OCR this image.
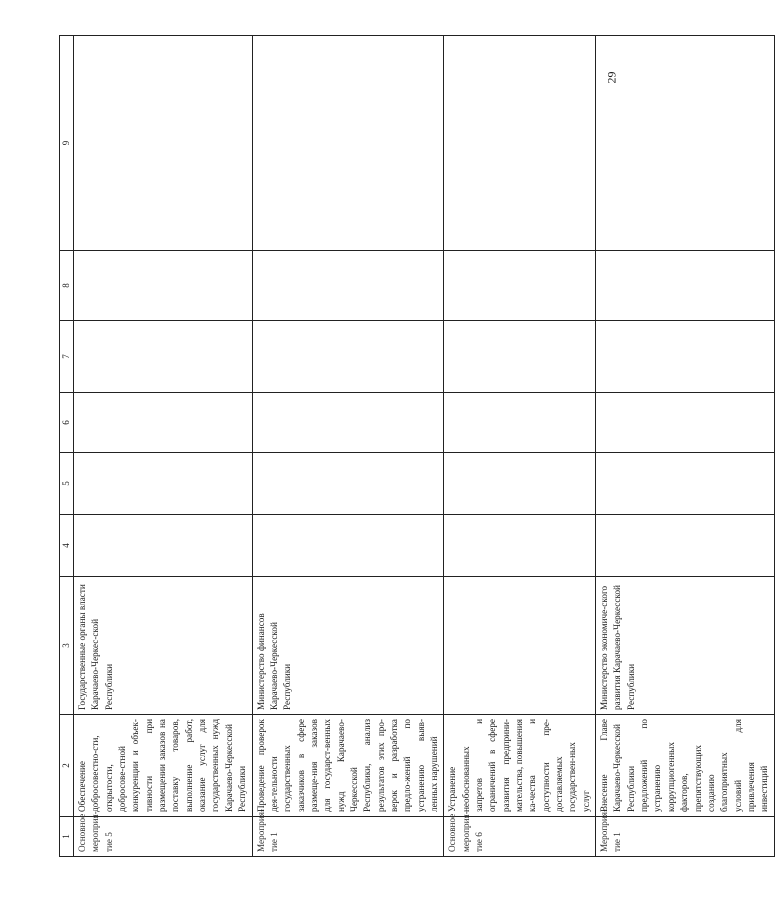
29
1	2	3	4	5	6	7	8	9
Основное мероприя-тие 5	Обеспечение добросовестно-сти, открытости, добросове-стной конкуренции и объек-тивности при размещении заказов на поставку товаров, выполнение работ, оказание услуг для государственных нужд Карачаево-Черкесской Республики	Государственные органы власти Карачаево-Черкес-ской Республики						
Мероприя-тие 1	Проведение проверок дея-тельности государственных заказчиков в сфере размеще-ния заказов для государст-венных нужд Карачаево-Черкесской Республики, анализ результатов этих про-верок и разработка предло-жений по устранению выяв-ленных нарушений	Министерство финансов Карачаево-Черкесской Республики						
Основное мероприя-тие 6	Устранение необоснованных запретов и ограничений в сфере развития предприни-мательства, повышения ка-чества и доступности пре-доставляемых государствен-ных услуг							
Мероприя-тие 1	Внесение Главе Карачаево-Черкесской Республики предложений по устранению коррупциогенных факторов, препятствующих созданию благоприятных условий для привлечения инвестиций	Министерство экономиче-ского развития Карачаево-Черкесской Республики						
